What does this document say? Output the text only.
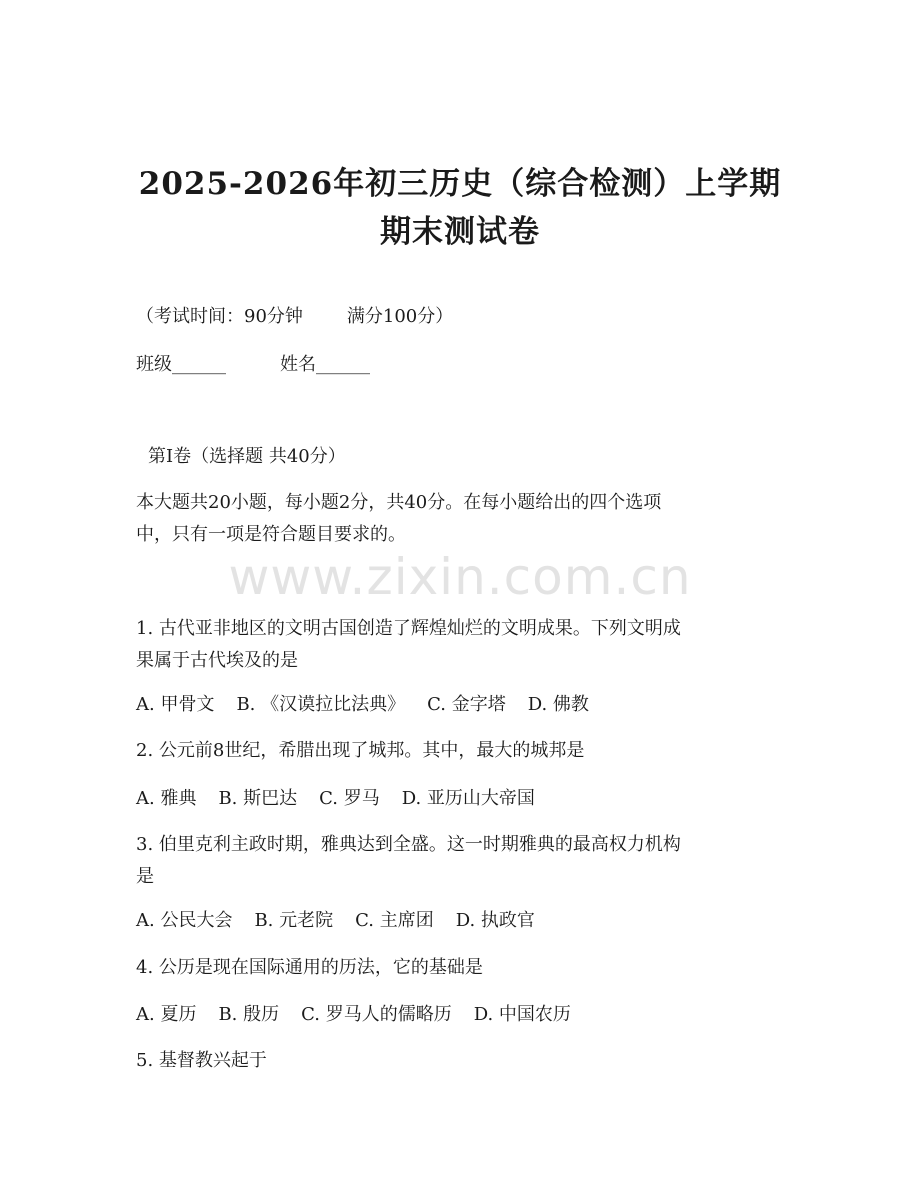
2025-2026年初三历史（综合检测）上学期
期末测试卷
（考试时间：90分钟 满分100分）
班级______	姓名______
第Ⅰ卷（选择题 共40分）
本大题共20小题，每小题2分，共40分。在每小题给出的四个选项
中，只有一项是符合题目要求的。
www.zixin.com.cn
1. 古代亚非地区的文明古国创造了辉煌灿烂的文明成果。下列文明成
果属于古代埃及的是
A. 甲骨文 B. 《汉谟拉比法典》 C. 金字塔 D. 佛教
2. 公元前8世纪，希腊出现了城邦。其中，最大的城邦是
A. 雅典 B. 斯巴达 C. 罗马 D. 亚历山大帝国
3. 伯里克利主政时期，雅典达到全盛。这一时期雅典的最高权力机构
是
A. 公民大会 B. 元老院 C. 主席团 D. 执政官
4. 公历是现在国际通用的历法，它的基础是
A. 夏历 B. 殷历 C. 罗马人的儒略历 D. 中国农历
5. 基督教兴起于
